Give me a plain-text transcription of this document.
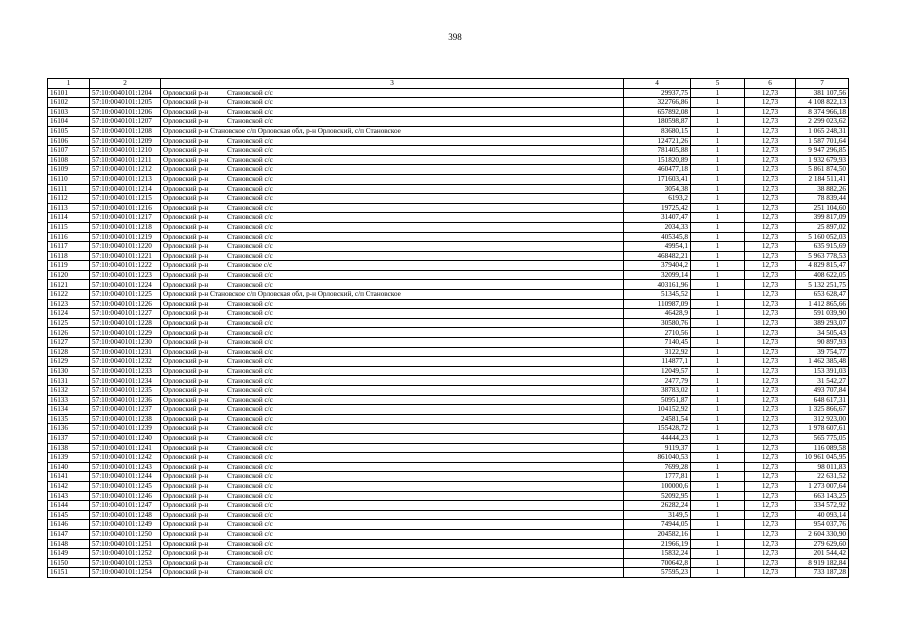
398
1	2	3	4	5	6	7
16101	57:10:0040101:1204	Орловский р-н Становской с/с	29937,75	1	12,73	381 107,56
16102	57:10:0040101:1205	Орловский р-н Становской с/с	322766,86	1	12,73	4 108 822,13
16103	57:10:0040101:1206	Орловский р-н Становской с/с	657892,08	1	12,73	8 374 966,18
16104	57:10:0040101:1207	Орловский р-н Становской с/с	180598,87	1	12,73	2 299 023,62
16105	57:10:0040101:1208	Орловский р-н Становское с/п Орловская обл, р-н Орловский, с/п Становское	83680,15	1	12,73	1 065 248,31
16106	57:10:0040101:1209	Орловский р-н Становской с/с	124721,26	1	12,73	1 587 701,64
16107	57:10:0040101:1210	Орловский р-н Становской с/с	781405,88	1	12,73	9 947 296,85
16108	57:10:0040101:1211	Орловский р-н Становской с/с	151820,89	1	12,73	1 932 679,93
16109	57:10:0040101:1212	Орловский р-н Становской с/с	460477,18	1	12,73	5 861 874,50
16110	57:10:0040101:1213	Орловский р-н Становской с/с	171603,41	1	12,73	2 184 511,41
16111	57:10:0040101:1214	Орловский р-н Становской с/с	3054,38	1	12,73	38 882,26
16112	57:10:0040101:1215	Орловский р-н Становской с/с	6193,2	1	12,73	78 839,44
16113	57:10:0040101:1216	Орловский р-н Становской с/с	19725,42	1	12,73	251 104,60
16114	57:10:0040101:1217	Орловский р-н Становской с/с	31407,47	1	12,73	399 817,09
16115	57:10:0040101:1218	Орловский р-н Становской с/с	2034,33	1	12,73	25 897,02
16116	57:10:0040101:1219	Орловский р-н Становской с/с	405345,8	1	12,73	5 160 052,03
16117	57:10:0040101:1220	Орловский р-н Становской с/с	49954,1	1	12,73	635 915,69
16118	57:10:0040101:1221	Орловский р-н Становской с/с	468482,21	1	12,73	5 963 778,53
16119	57:10:0040101:1222	Орловский р-н Становское с/с	379404,2	1	12,73	4 829 815,47
16120	57:10:0040101:1223	Орловский р-н Становской с/с	32099,14	1	12,73	408 622,05
16121	57:10:0040101:1224	Орловский р-н Становской с/с	403161,96	1	12,73	5 132 251,75
16122	57:10:0040101:1225	Орловский р-н Становское с/п Орловская обл, р-н Орловский, с/п Становское	51345,52	1	12,73	653 628,47
16123	57:10:0040101:1226	Орловский р-н Становской с/с	110987,09	1	12,73	1 412 865,66
16124	57:10:0040101:1227	Орловский р-н Становской с/с	46428,9	1	12,73	591 039,90
16125	57:10:0040101:1228	Орловский р-н Становской с/с	30580,76	1	12,73	389 293,07
16126	57:10:0040101:1229	Орловский р-н Становской с/с	2710,56	1	12,73	34 505,43
16127	57:10:0040101:1230	Орловский р-н Становской с/с	7140,45	1	12,73	90 897,93
16128	57:10:0040101:1231	Орловский р-н Становской с/с	3122,92	1	12,73	39 754,77
16129	57:10:0040101:1232	Орловский р-н Становской с/с	114877,1	1	12,73	1 462 385,48
16130	57:10:0040101:1233	Орловский р-н Становской с/с	12049,57	1	12,73	153 391,03
16131	57:10:0040101:1234	Орловский р-н Становской с/с	2477,79	1	12,73	31 542,27
16132	57:10:0040101:1235	Орловский р-н Становской с/с	38783,02	1	12,73	493 707,84
16133	57:10:0040101:1236	Орловский р-н Становской с/с	50951,87	1	12,73	648 617,31
16134	57:10:0040101:1237	Орловский р-н Становской с/с	104152,92	1	12,73	1 325 866,67
16135	57:10:0040101:1238	Орловский р-н Становской с/с	24581,54	1	12,73	312 923,00
16136	57:10:0040101:1239	Орловский р-н Становской с/с	155428,72	1	12,73	1 978 607,61
16137	57:10:0040101:1240	Орловский р-н Становской с/с	44444,23	1	12,73	565 775,05
16138	57:10:0040101:1241	Орловский р-н Становской с/с	9119,37	1	12,73	116 089,58
16139	57:10:0040101:1242	Орловский р-н Становской с/с	861040,53	1	12,73	10 961 045,95
16140	57:10:0040101:1243	Орловский р-н Становской с/с	7699,28	1	12,73	98 011,83
16141	57:10:0040101:1244	Орловский р-н Становской с/с	1777,81	1	12,73	22 631,52
16142	57:10:0040101:1245	Орловский р-н Становской с/с	100000,6	1	12,73	1 273 007,64
16143	57:10:0040101:1246	Орловский р-н Становской с/с	52092,95	1	12,73	663 143,25
16144	57:10:0040101:1247	Орловский р-н Становской с/с	26282,24	1	12,73	334 572,92
16145	57:10:0040101:1248	Орловский р-н Становской с/с	3149,5	1	12,73	40 093,14
16146	57:10:0040101:1249	Орловский р-н Становской с/с	74944,05	1	12,73	954 037,76
16147	57:10:0040101:1250	Орловский р-н Становской с/с	204582,16	1	12,73	2 604 330,90
16148	57:10:0040101:1251	Орловский р-н Становской с/с	21966,19	1	12,73	279 629,60
16149	57:10:0040101:1252	Орловский р-н Становской с/с	15832,24	1	12,73	201 544,42
16150	57:10:0040101:1253	Орловский р-н Становской с/с	700642,8	1	12,73	8 919 182,84
16151	57:10:0040101:1254	Орловский р-н Становской с/с	57595,23	1	12,73	733 187,28
